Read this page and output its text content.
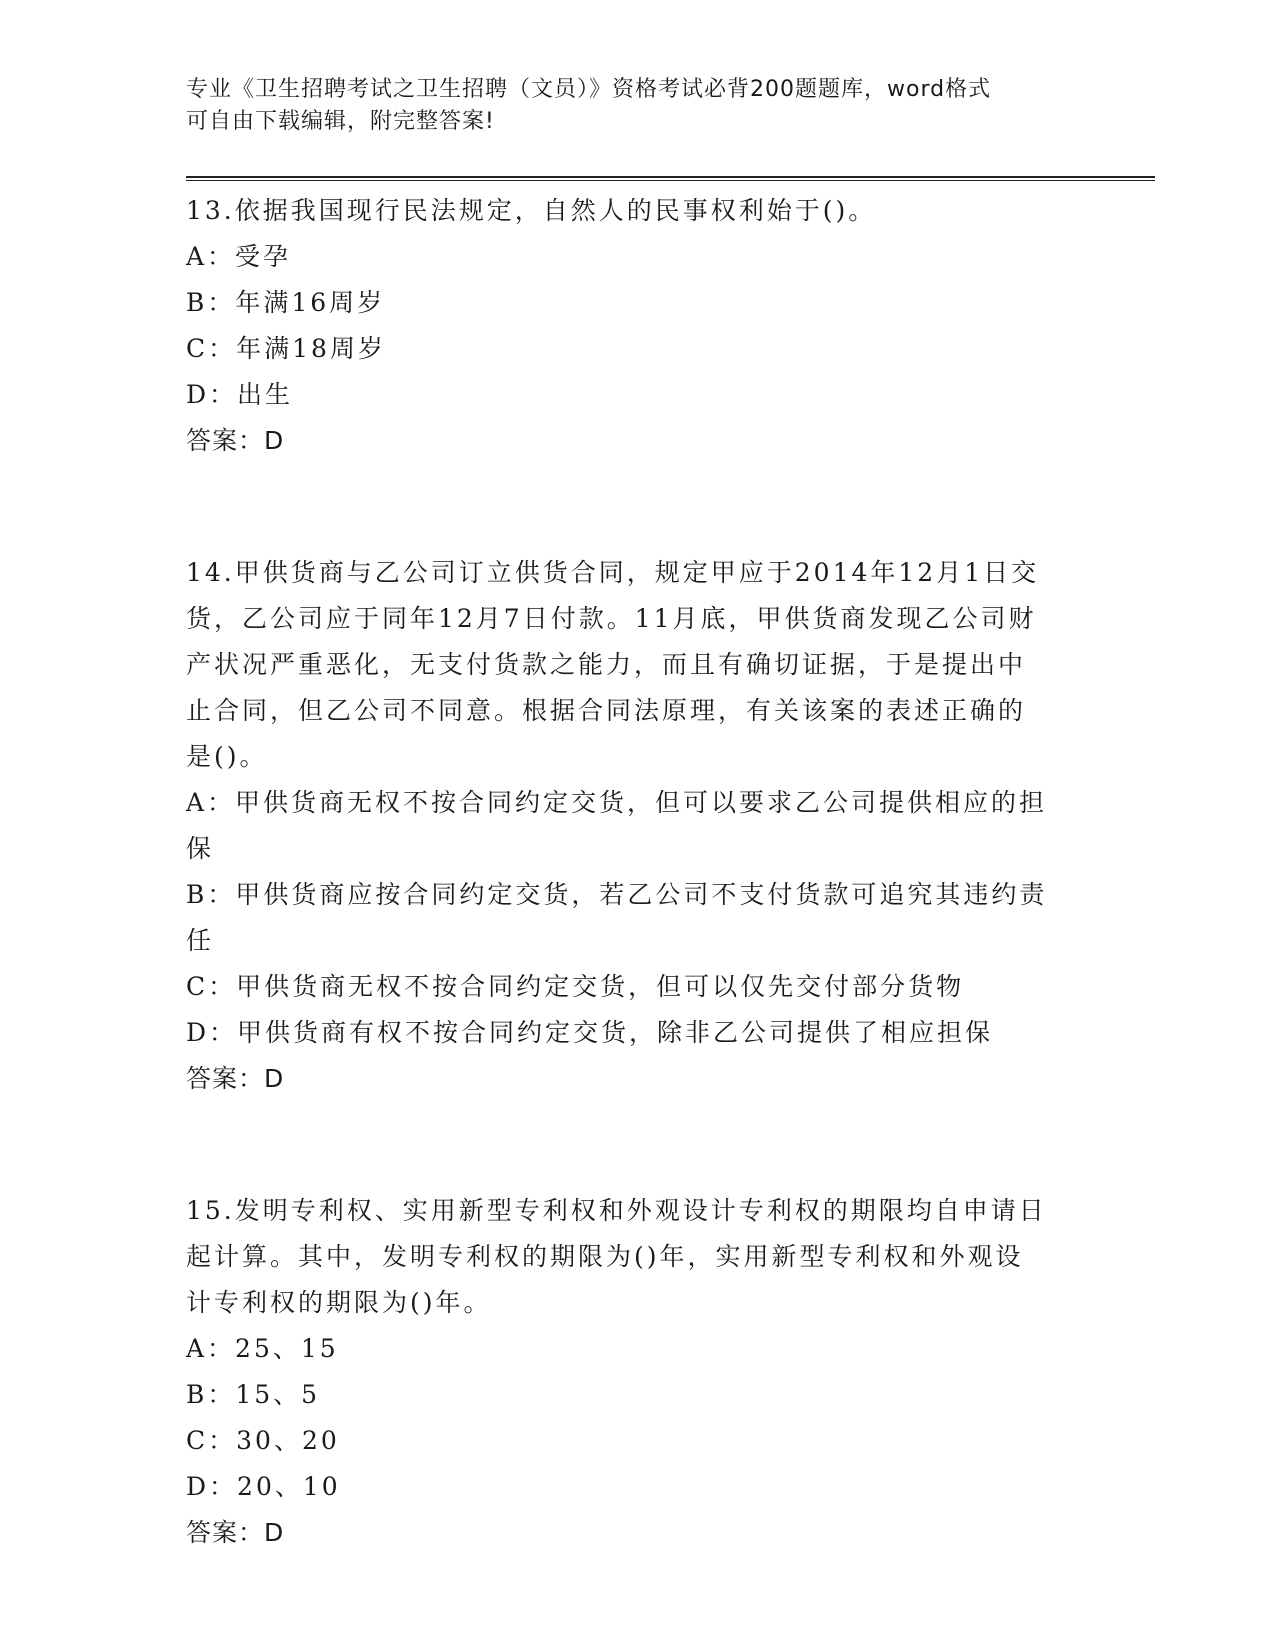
专业《卫生招聘考试之卫生招聘（文员）》资格考试必背200题题库，word格式
可自由下载编辑，附完整答案!
13.依据我国现行民法规定，自然人的民事权利始于()。
A：受孕
B：年满16周岁
C：年满18周岁
D：出生
答案：D
14.甲供货商与乙公司订立供货合同，规定甲应于2014年12月1日交
货，乙公司应于同年12月7日付款。11月底，甲供货商发现乙公司财
产状况严重恶化，无支付货款之能力，而且有确切证据，于是提出中
止合同，但乙公司不同意。根据合同法原理，有关该案的表述正确的
是()。
A：甲供货商无权不按合同约定交货，但可以要求乙公司提供相应的担
保
B：甲供货商应按合同约定交货，若乙公司不支付货款可追究其违约责
任
C：甲供货商无权不按合同约定交货，但可以仅先交付部分货物
D：甲供货商有权不按合同约定交货，除非乙公司提供了相应担保
答案：D
15.发明专利权、实用新型专利权和外观设计专利权的期限均自申请日
起计算。其中，发明专利权的期限为()年，实用新型专利权和外观设
计专利权的期限为()年。
A：25、15
B：15、5
C：30、20
D：20、10
答案：D
